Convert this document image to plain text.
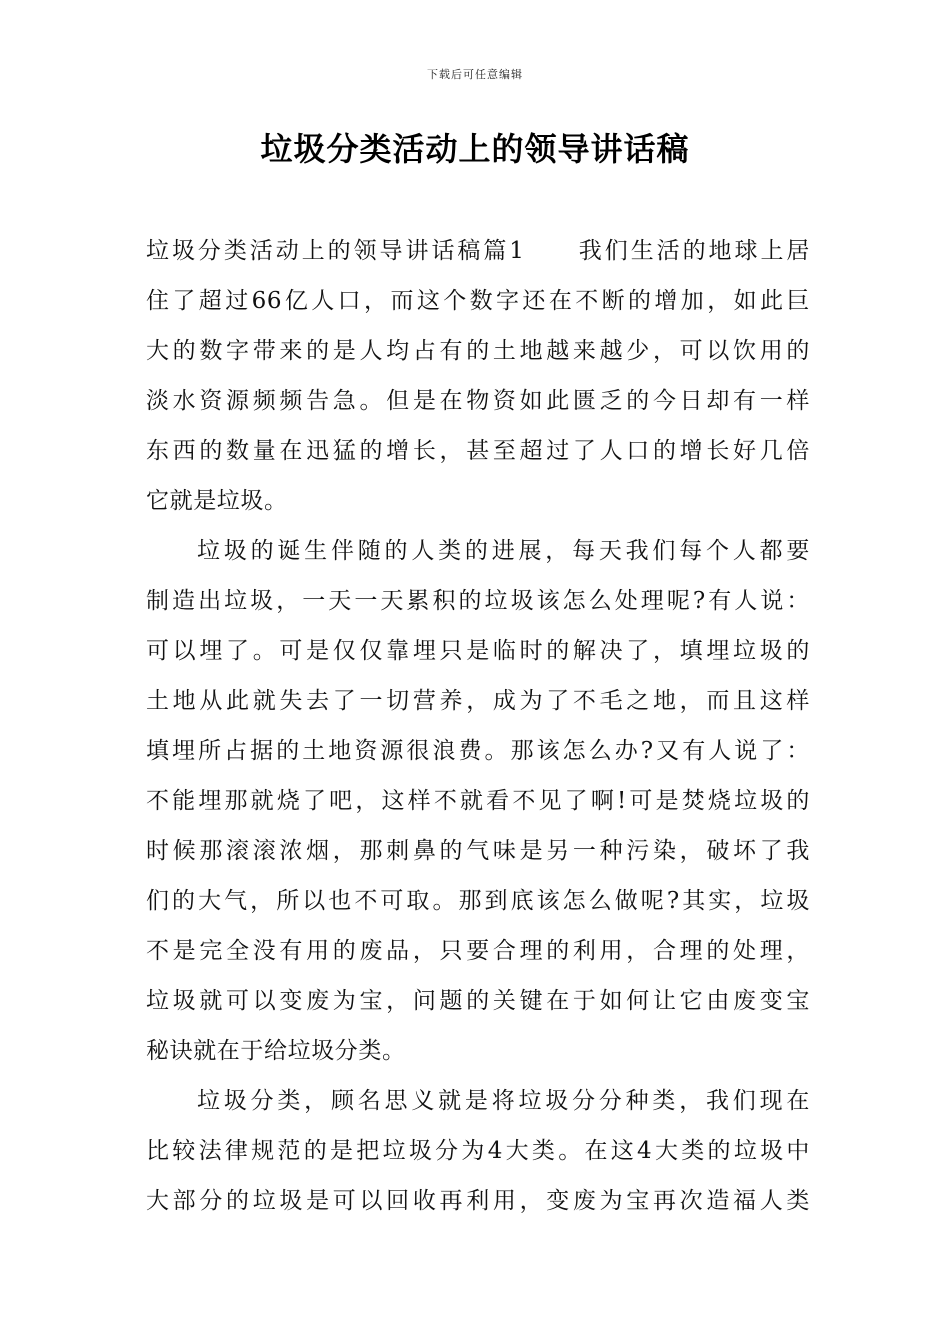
下载后可任意编辑
垃圾分类活动上的领导讲话稿
垃圾分类活动上的领导讲话稿篇1　　我们生活的地球上居
住了超过66亿人口，而这个数字还在不断的增加，如此巨
大的数字带来的是人均占有的土地越来越少，可以饮用的
淡水资源频频告急。但是在物资如此匮乏的今日却有一样
东西的数量在迅猛的增长，甚至超过了人口的增长好几倍
它就是垃圾。
垃圾的诞生伴随的人类的进展，每天我们每个人都要
制造出垃圾，一天一天累积的垃圾该怎么处理呢?有人说：
可以埋了。可是仅仅靠埋只是临时的解决了，填埋垃圾的
土地从此就失去了一切营养，成为了不毛之地，而且这样
填埋所占据的土地资源很浪费。那该怎么办?又有人说了：
不能埋那就烧了吧，这样不就看不见了啊!可是焚烧垃圾的
时候那滚滚浓烟，那刺鼻的气味是另一种污染，破坏了我
们的大气，所以也不可取。那到底该怎么做呢?其实，垃圾
不是完全没有用的废品，只要合理的利用，合理的处理，
垃圾就可以变废为宝，问题的关键在于如何让它由废变宝
秘诀就在于给垃圾分类。
垃圾分类，顾名思义就是将垃圾分分种类，我们现在
比较法律规范的是把垃圾分为4大类。在这4大类的垃圾中
大部分的垃圾是可以回收再利用，变废为宝再次造福人类
